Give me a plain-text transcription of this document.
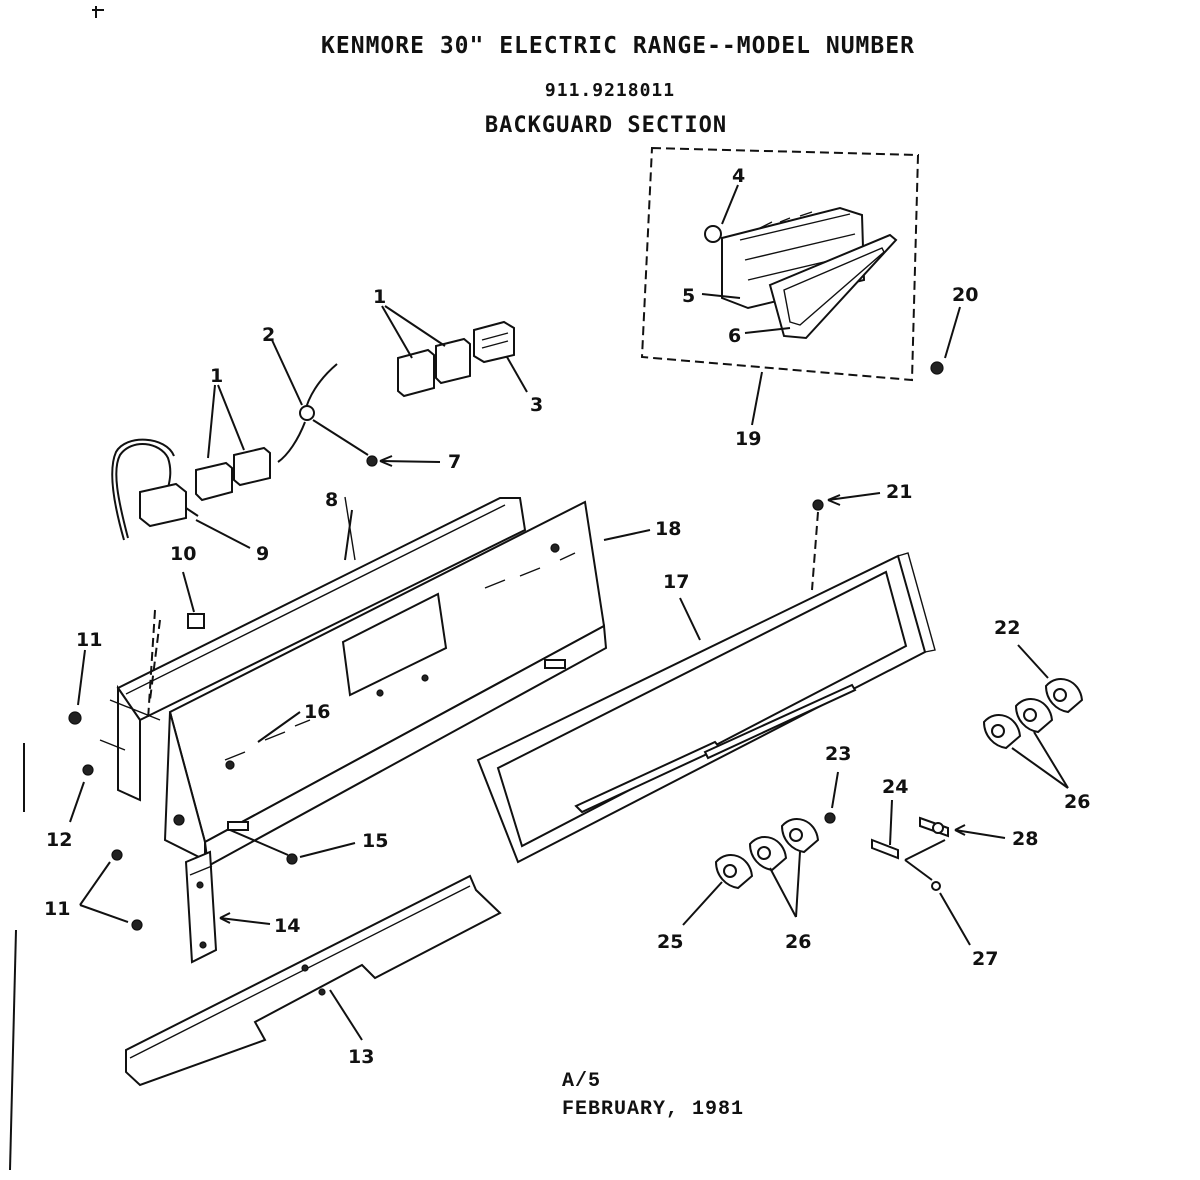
KENMORE 30" ELECTRIC RANGE--MODEL NUMBER
911.9218011
BACKGUARD SECTION
1
1
2
3
4
5
6
7
8
9
10
11
11
12
13
14
15
16
17
18
19
20
21
22
23
24
25
26
26
27
28
A/5
FEBRUARY, 1981
